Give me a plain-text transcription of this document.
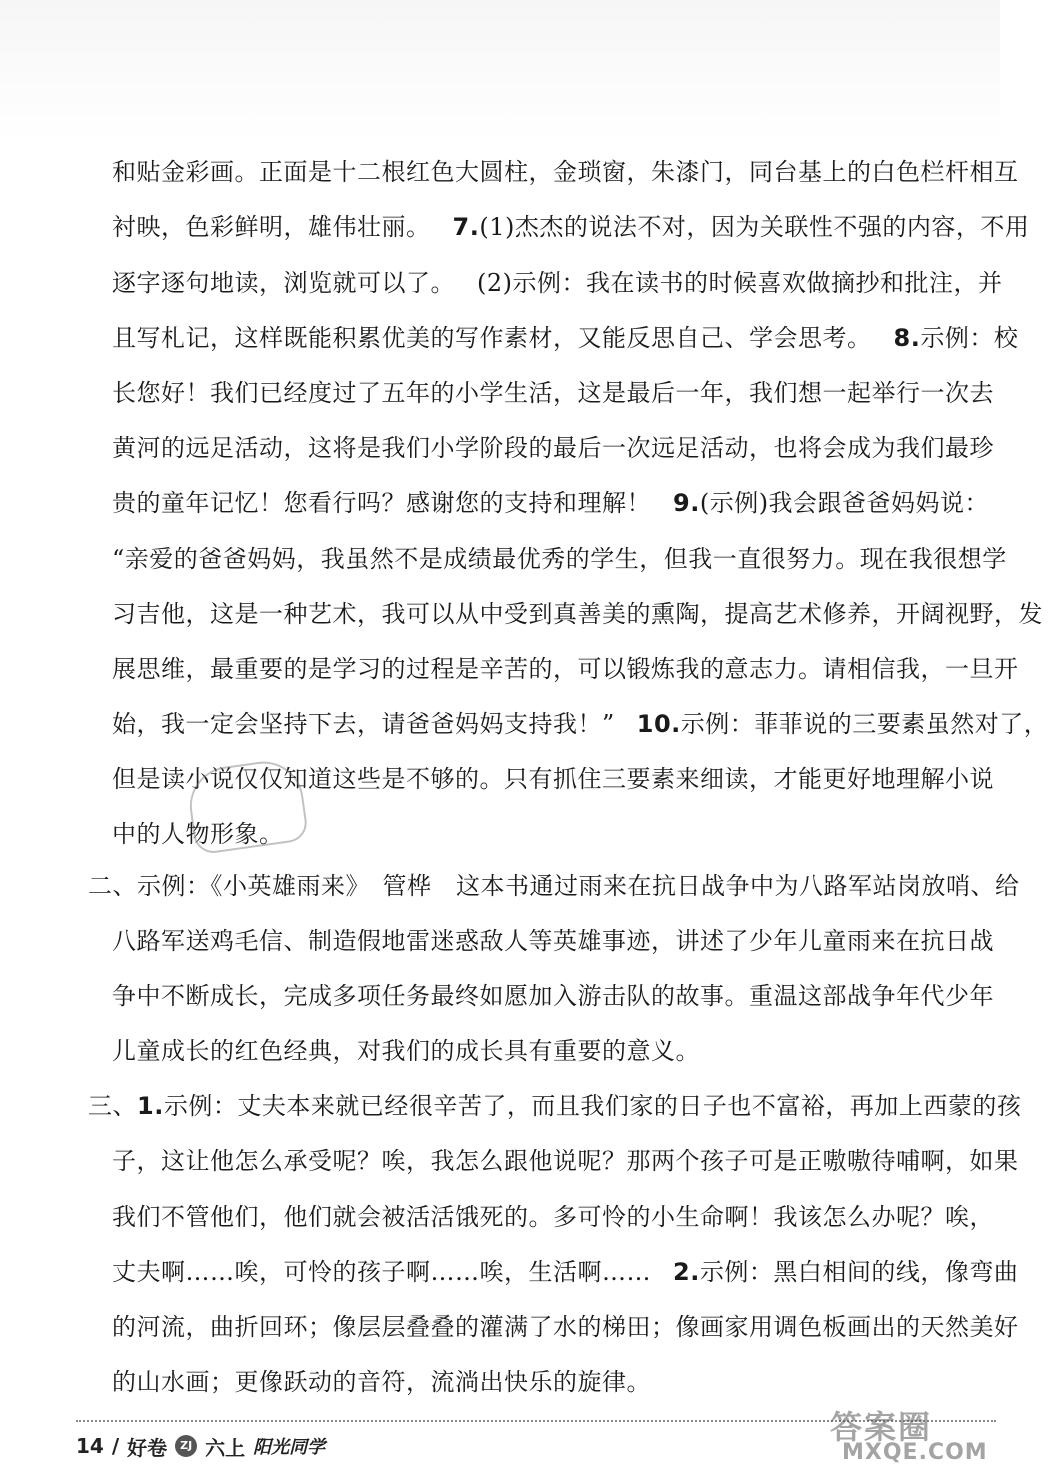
和贴金彩画。正面是十二根红色大圆柱，金琐窗，朱漆门，同台基上的白色栏杆相互
衬映，色彩鲜明，雄伟壮丽。 7.(1)杰杰的说法不对，因为关联性不强的内容，不用
逐字逐句地读，浏览就可以了。 (2)示例：我在读书的时候喜欢做摘抄和批注，并
且写札记，这样既能积累优美的写作素材，又能反思自己、学会思考。 8.示例：校
长您好！我们已经度过了五年的小学生活，这是最后一年，我们想一起举行一次去
黄河的远足活动，这将是我们小学阶段的最后一次远足活动，也将会成为我们最珍
贵的童年记忆！您看行吗？感谢您的支持和理解！ 9.(示例)我会跟爸爸妈妈说：
“亲爱的爸爸妈妈，我虽然不是成绩最优秀的学生，但我一直很努力。现在我很想学
习吉他，这是一种艺术，我可以从中受到真善美的熏陶，提高艺术修养，开阔视野，发
展思维，最重要的是学习的过程是辛苦的，可以锻炼我的意志力。请相信我，一旦开
始，我一定会坚持下去，请爸爸妈妈支持我！” 10.示例：菲菲说的三要素虽然对了，
但是读小说仅仅知道这些是不够的。只有抓住三要素来细读，才能更好地理解小说
中的人物形象。
二、示例：《小英雄雨来》　管桦　这本书通过雨来在抗日战争中为八路军站岗放哨、给
八路军送鸡毛信、制造假地雷迷惑敌人等英雄事迹，讲述了少年儿童雨来在抗日战
争中不断成长，完成多项任务最终如愿加入游击队的故事。重温这部战争年代少年
儿童成长的红色经典，对我们的成长具有重要的意义。
三、1.示例：丈夫本来就已经很辛苦了，而且我们家的日子也不富裕，再加上西蒙的孩
子，这让他怎么承受呢？唉，我怎么跟他说呢？那两个孩子可是正嗷嗷待哺啊，如果
我们不管他们，他们就会被活活饿死的。多可怜的小生命啊！我该怎么办呢？唉，
丈夫啊……唉，可怜的孩子啊……唉，生活啊…… 2.示例：黑白相间的线，像弯曲
的河流，曲折回环；像层层叠叠的灌满了水的梯田；像画家用调色板画出的天然美好
的山水画；更像跃动的音符，流淌出快乐的旋律。
14 / 好卷	ZJ 六上 阳光同学
答案圈
MXQE.COM
